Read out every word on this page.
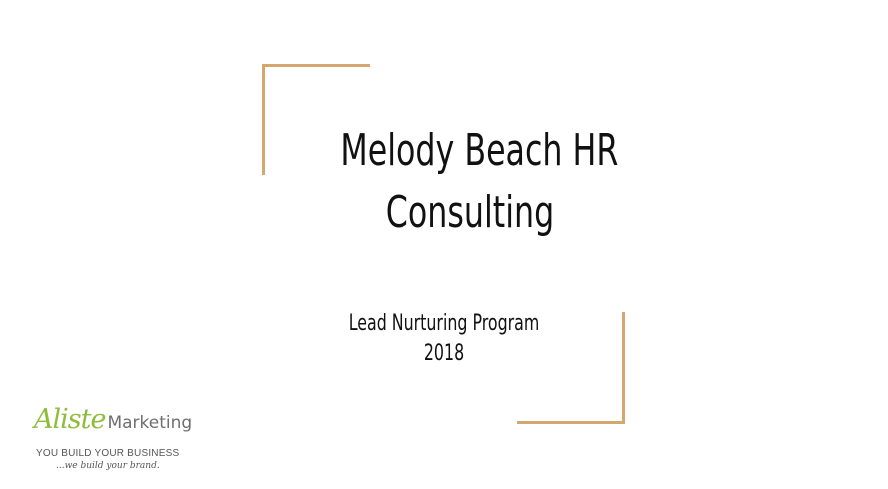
Melody Beach HR
Consulting
Lead Nurturing Program
2018
Aliste Marketing
YOU BUILD YOUR BUSINESS
...we build your brand.
